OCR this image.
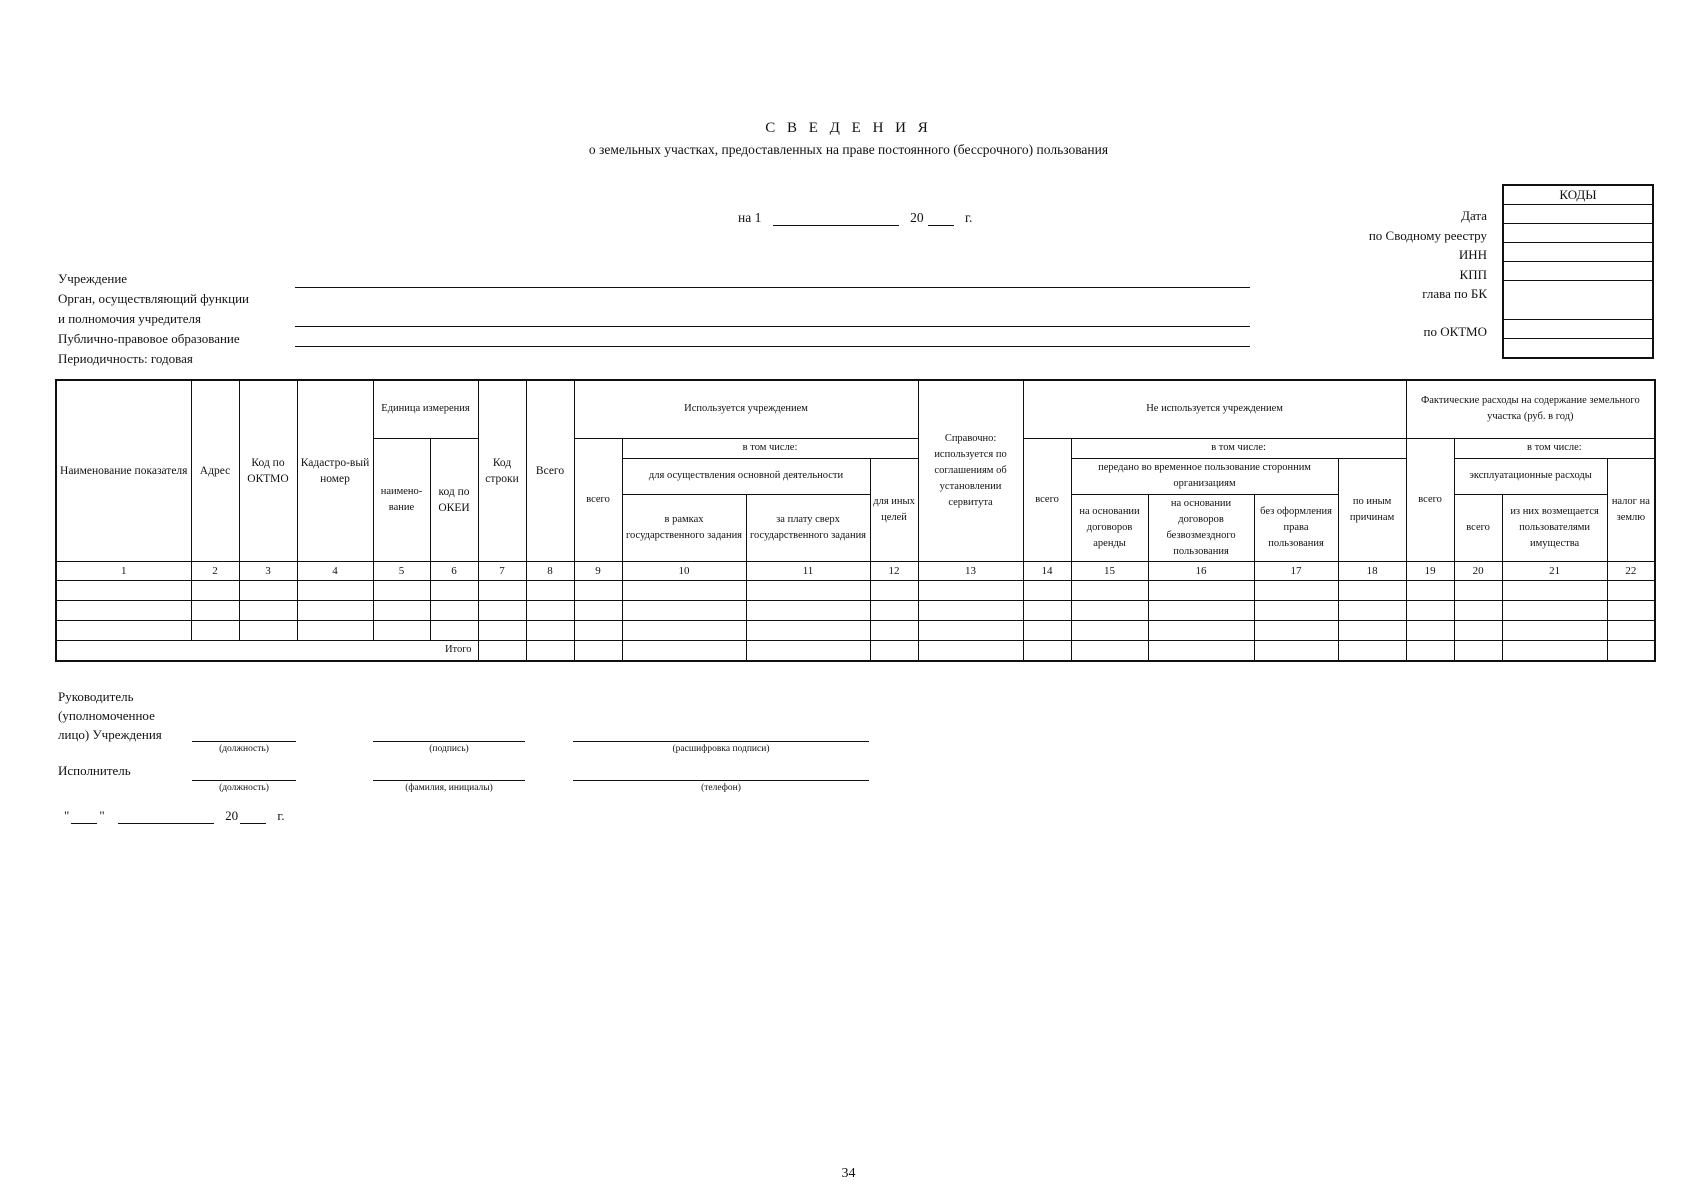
С В Е Д Е Н И Я
о земельных участках, предоставленных на праве постоянного (бессрочного) пользования
на 1	20	г.
КОДЫ

Дата
по Сводному реестру
ИНН
КПП
глава по БК
по ОКТМО
Учреждение
Орган, осуществляющий функции
и полномочия учредителя
Публично-правовое образование
Периодичность: годовая
Наименование показателя	Адрес	Код по ОКТМО	Кадастро-вый номер	Единица измерения		Код строки	Всего	Используется учреждением				Справочно: используется по соглашениям об установлении сервитута	Не используется учреждением					Фактические расходы на содержание земельного участка (руб. в год)			
				наимено-вание	код по ОКЕИ			всего	в том числе:				всего	в том числе:				всего	в том числе:		
									для осуществления основной деятельности		для иных целей			передано во временное пользование сторонним организациям			по иным причинам		эксплуатационные расходы		налог на землю
									в рамках государственного задания	за плату сверх государственного задания				на основании договоров аренды	на основании договоров безвозмездного пользования	без оформления права пользования			всего	из них возмещается пользователями имущества	
1	2	3	4	5	6	7	8	9	10	11	12	13	14	15	16	17	18	19	20	21	22

Итого																					
Руководитель
(уполномоченное
лицо) Учреждения
(должность)	(подпись)	(расшифровка подписи)
Исполнитель
(должность)	(фамилия, инициалы)	(телефон)
" "	20	г.
34
